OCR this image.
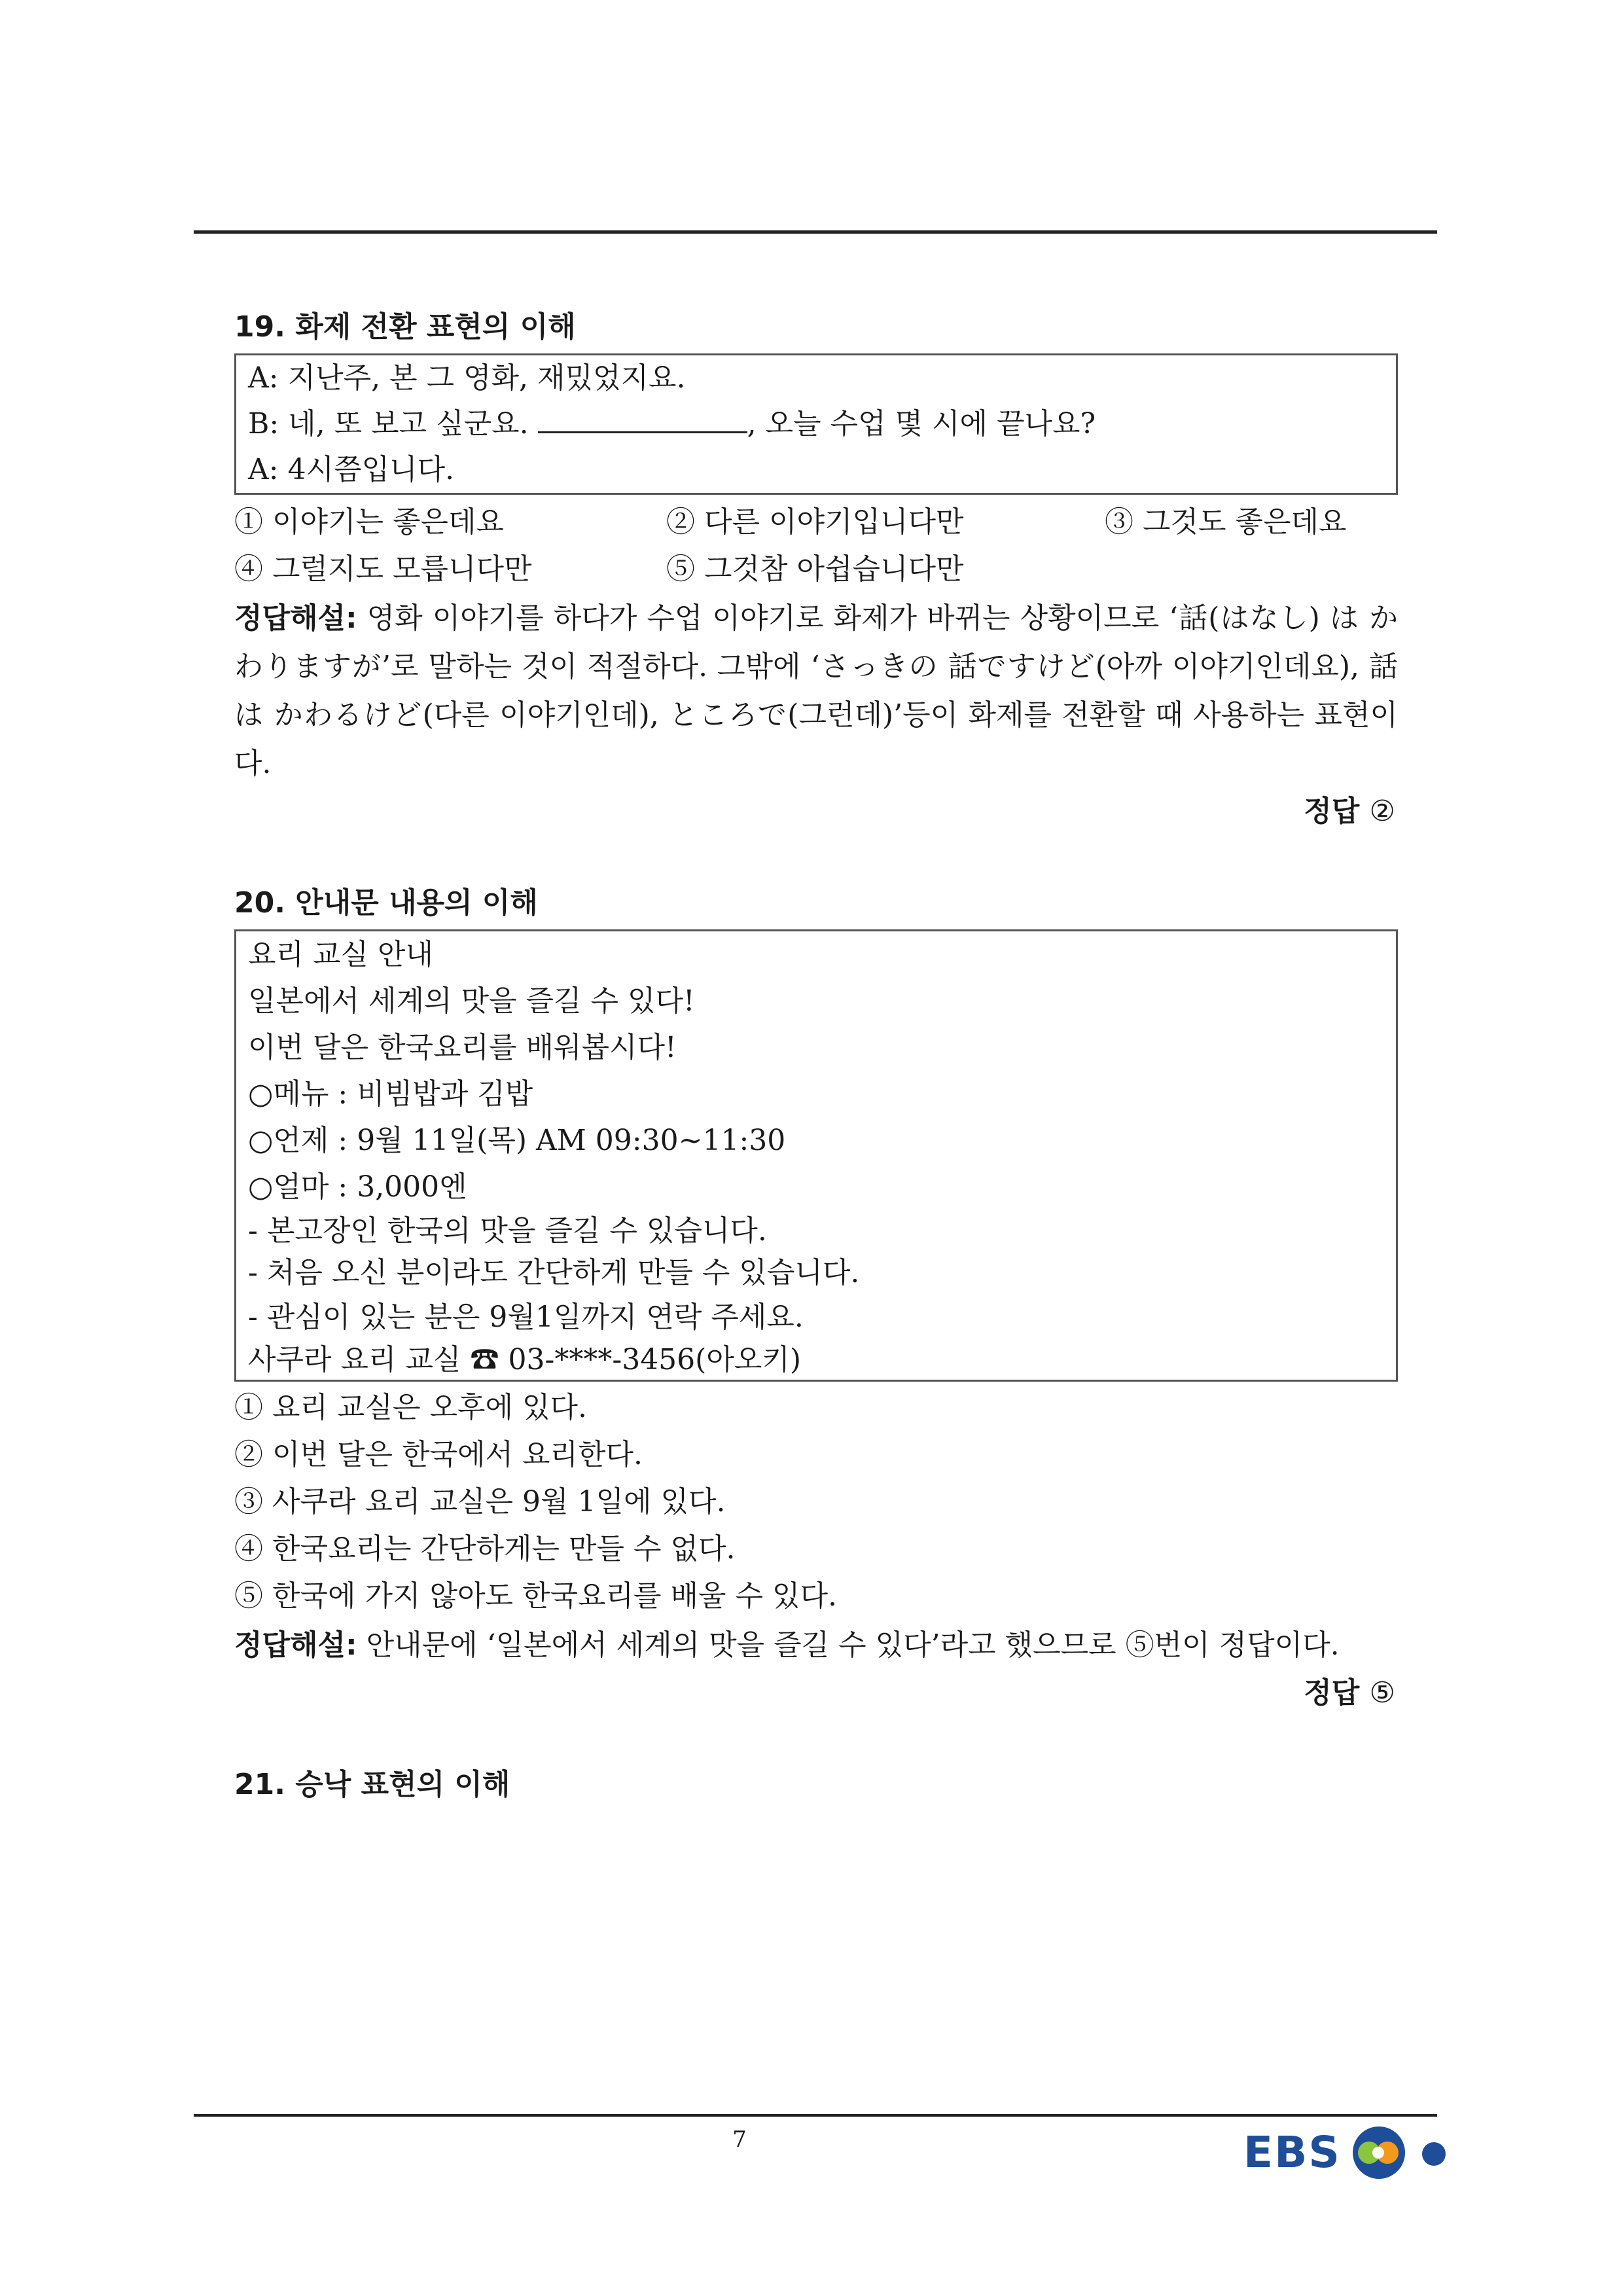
19. 화제 전환 표현의 이해
A: 지난주, 본 그 영화, 재밌었지요.
B: 네, 또 보고 싶군요.	, 오늘 수업 몇 시에 끝나요?
A: 4시쯤입니다.
① 이야기는 좋은데요	② 다른 이야기입니다만	③ 그것도 좋은데요
④ 그럴지도 모릅니다만	⑤ 그것참 아쉽습니다만
정답해설: 영화 이야기를 하다가 수업 이야기로 화제가 바뀌는 상황이므로 ‘話(はなし) は かわりますが’로 말하는 것이 적절하다. 그밖에 ‘さっきの 話ですけど(아까 이야기인데요), 話は かわるけど(다른 이야기인데), ところで(그런데)’등이 화제를 전환할 때 사용하는 표현이다.
정답 ②
20. 안내문 내용의 이해
요리 교실 안내
일본에서 세계의 맛을 즐길 수 있다!
이번 달은 한국요리를 배워봅시다!
○메뉴 : 비빔밥과 김밥
○언제 : 9월 11일(목) AM 09:30~11:30
○얼마 : 3,000엔
- 본고장인 한국의 맛을 즐길 수 있습니다.
- 처음 오신 분이라도 간단하게 만들 수 있습니다.
- 관심이 있는 분은 9월1일까지 연락 주세요.
사쿠라 요리 교실 ☎ 03-****-3456(아오키)
① 요리 교실은 오후에 있다.
② 이번 달은 한국에서 요리한다.
③ 사쿠라 요리 교실은 9월 1일에 있다.
④ 한국요리는 간단하게는 만들 수 없다.
⑤ 한국에 가지 않아도 한국요리를 배울 수 있다.
정답해설: 안내문에 ‘일본에서 세계의 맛을 즐길 수 있다’라고 했으므로 ⑤번이 정답이다.
정답 ⑤
21. 승낙 표현의 이해
7	EBS
